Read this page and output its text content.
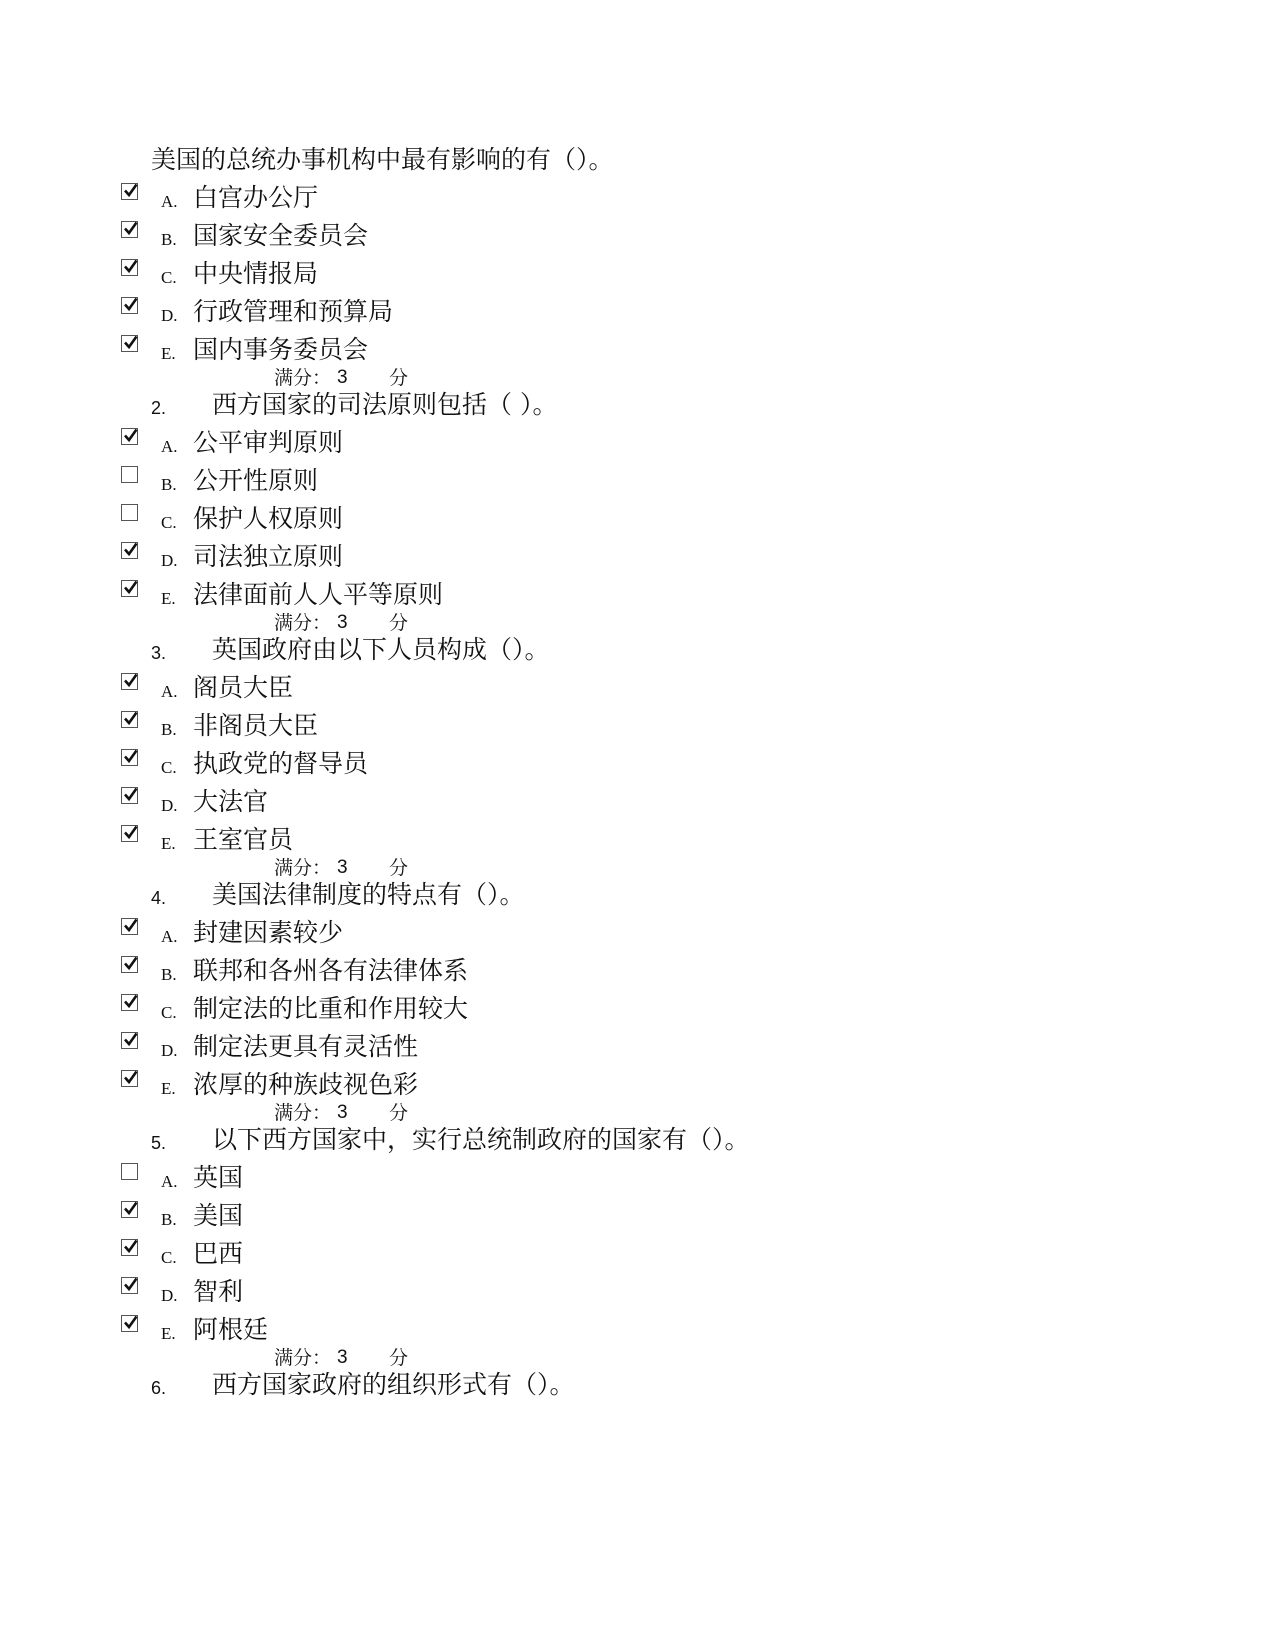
美国的总统办事机构中最有影响的有（）。
A. 白宫办公厅
B. 国家安全委员会
C. 中央情报局
D. 行政管理和预算局
E. 国内事务委员会
满分： 3 分
2. 西方国家的司法原则包括（ ）。
A. 公平审判原则
B. 公开性原则
C. 保护人权原则
D. 司法独立原则
E. 法律面前人人平等原则
满分： 3 分
3. 英国政府由以下人员构成（）。
A. 阁员大臣
B. 非阁员大臣
C. 执政党的督导员
D. 大法官
E. 王室官员
满分： 3 分
4. 美国法律制度的特点有（）。
A. 封建因素较少
B. 联邦和各州各有法律体系
C. 制定法的比重和作用较大
D. 制定法更具有灵活性
E. 浓厚的种族歧视色彩
满分： 3 分
5. 以下西方国家中，实行总统制政府的国家有（）。
A. 英国
B. 美国
C. 巴西
D. 智利
E. 阿根廷
满分： 3 分
6. 西方国家政府的组织形式有（）。
